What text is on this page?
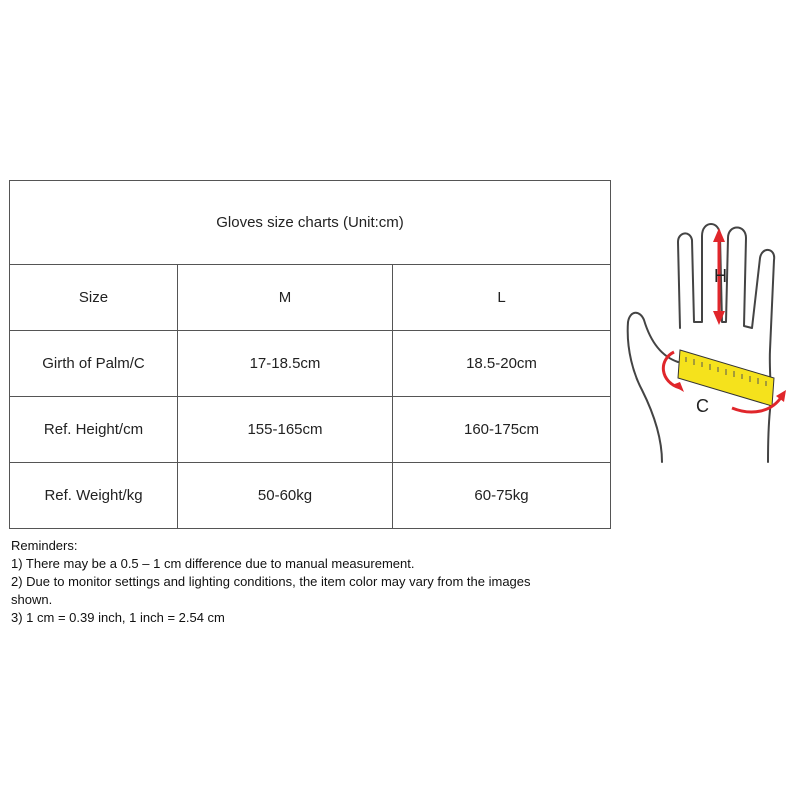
Gloves size charts (Unit:cm)		
Size	M	L
Girth of Palm/C	17-18.5cm	18.5-20cm
Ref. Height/cm	155-165cm	160-175cm
Ref. Weight/kg	50-60kg	60-75kg
Reminders:
1) There may be a 0.5 – 1 cm difference due to manual measurement.
2) Due to monitor settings and lighting conditions, the item color may vary from the images
shown.
3) 1 cm = 0.39 inch, 1 inch = 2.54 cm
H
C
